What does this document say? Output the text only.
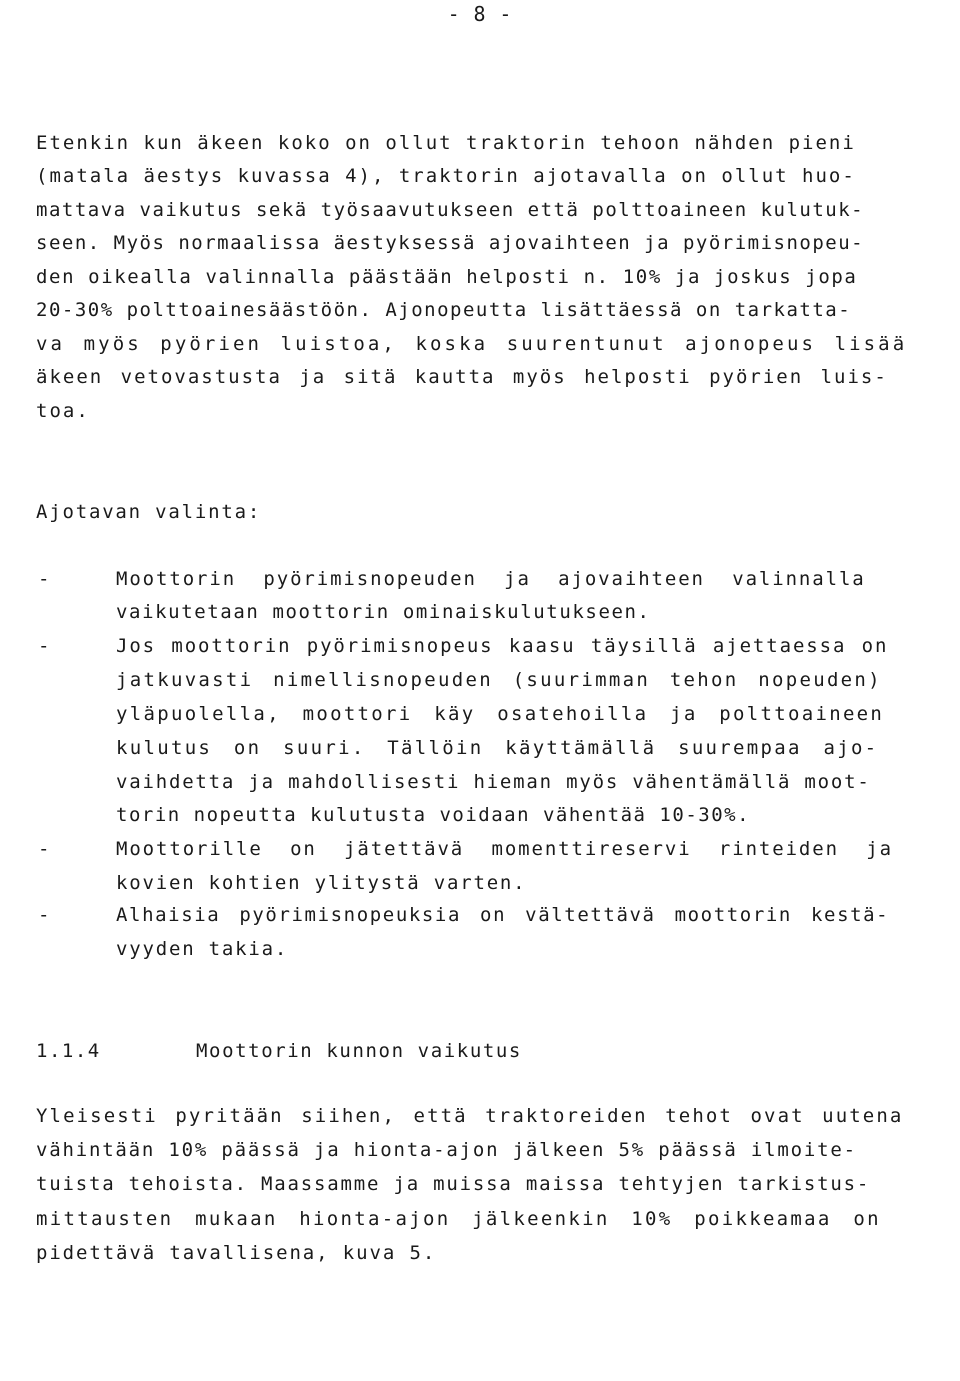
- 8 -
Etenkin kun äkeen koko on ollut traktorin tehoon nähden pieni
(matala äestys kuvassa 4), traktorin ajotavalla on ollut huo-
mattava vaikutus sekä työsaavutukseen että polttoaineen kulutuk-
seen. Myös normaalissa äestyksessä ajovaihteen ja pyörimisnopeu-
den oikealla valinnalla päästään helposti n. 10% ja joskus jopa
20-30% polttoainesäästöön. Ajonopeutta lisättäessä on tarkatta-
va myös pyörien luistoa, koska suurentunut ajonopeus lisää
äkeen vetovastusta ja sitä kautta myös helposti pyörien luis-
toa.
Ajotavan valinta:
-	Moottorin pyörimisnopeuden ja ajovaihteen valinnalla
vaikutetaan moottorin ominaiskulutukseen.
-	Jos moottorin pyörimisnopeus kaasu täysillä ajettaessa on
jatkuvasti nimellisnopeuden (suurimman tehon nopeuden)
yläpuolella, moottori käy osatehoilla ja polttoaineen
kulutus on suuri. Tällöin käyttämällä suurempaa ajo-
vaihdetta ja mahdollisesti hieman myös vähentämällä moot-
torin nopeutta kulutusta voidaan vähentää 10-30%.
-	Moottorille on jätettävä momenttireservi rinteiden ja
kovien kohtien ylitystä varten.
-	Alhaisia pyörimisnopeuksia on vältettävä moottorin kestä-
vyyden takia.
1.1.4	Moottorin kunnon vaikutus
Yleisesti pyritään siihen, että traktoreiden tehot ovat uutena
vähintään 10% päässä ja hionta-ajon jälkeen 5% päässä ilmoite-
tuista tehoista. Maassamme ja muissa maissa tehtyjen tarkistus-
mittausten mukaan hionta-ajon jälkeenkin 10% poikkeamaa on
pidettävä tavallisena, kuva 5.
